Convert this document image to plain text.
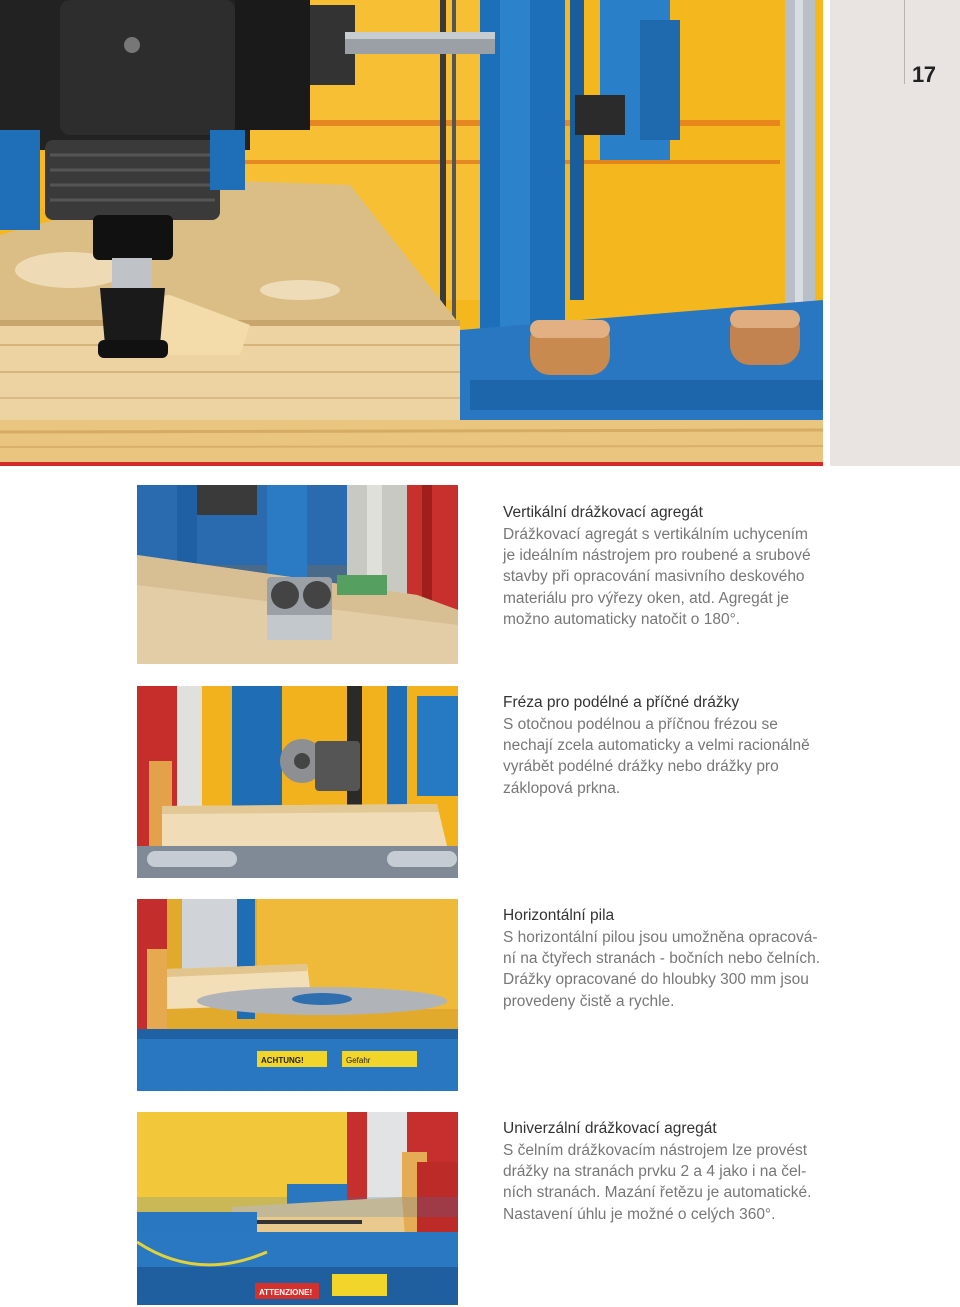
17
Vertikální drážkovací agregát
Drážkovací agregát s vertikálním uchycením
je ideálním nástrojem pro roubené a srubové
stavby při opracování masivního deskového
materiálu pro výřezy oken, atd. Agregát je
možno automaticky natočit o 180°.
Fréza pro podélné a příčné drážky
S otočnou podélnou a příčnou frézou se
nechají zcela automaticky a velmi racionálně
vyrábět podélné drážky nebo drážky pro
záklopová prkna.
ACHTUNG!	Gefahr
Horizontální pila
S horizontální pilou jsou umožněna opracová-
ní na čtyřech stranách - bočních nebo čelních.
Drážky opracované do hloubky 300 mm jsou
provedeny čistě a rychle.
ATTENZIONE!
Univerzální drážkovací agregát
S čelním drážkovacím nástrojem lze provést
drážky na stranách prvku 2 a 4 jako i na čel-
ních stranách. Mazání řetězu je automatické.
Nastavení úhlu je možné o celých 360°.
